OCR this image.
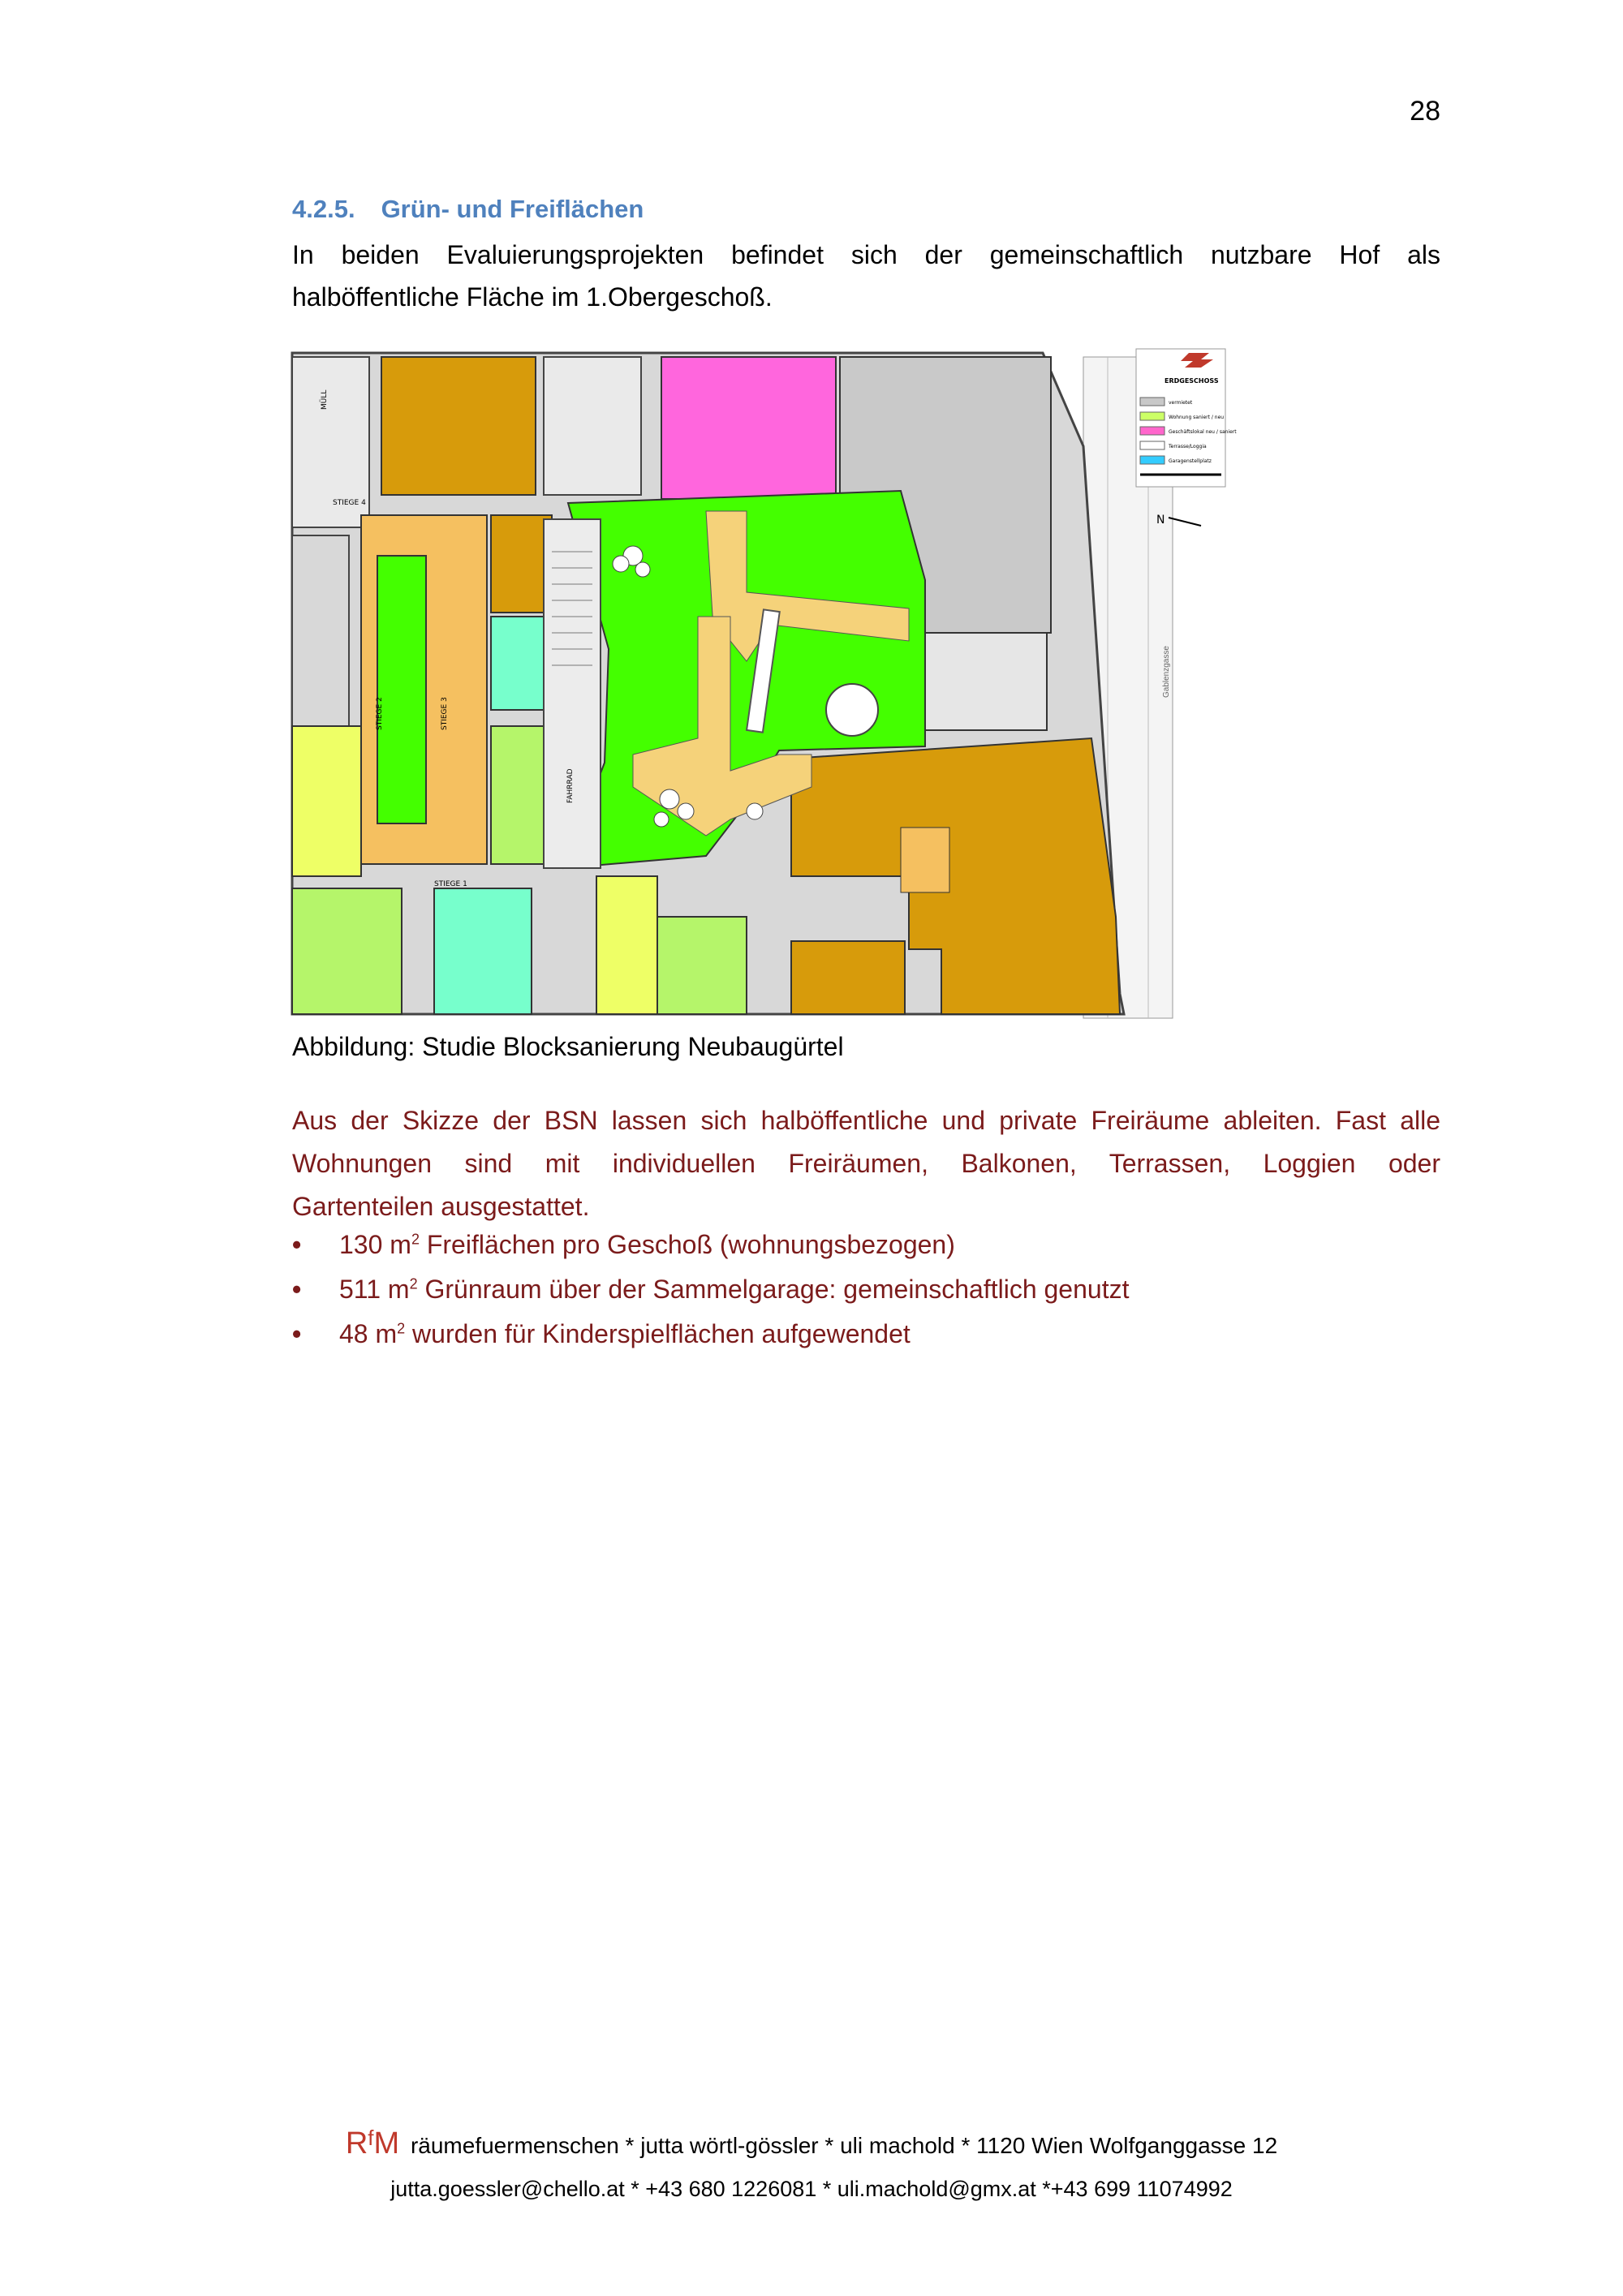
28
4.2.5. Grün- und Freiflächen
In beiden Evaluierungsprojekten befindet sich der gemeinschaftlich nutzbare Hof als
halböffentliche Fläche im 1.Obergeschoß.
Gablenzgasse
STIEGE 4
STIEGE 1
STIEGE 2	STIEGE 3
MÜLL
FAHRRAD
ERDGESCHOSS
vermietet
Wohnung saniert / neu
Geschäftslokal neu / saniert
Terrasse/Loggia
Garagenstellplatz
N
Abbildung: Studie Blocksanierung Neubaugürtel
Aus der Skizze der BSN lassen sich halböffentliche und private Freiräume ableiten. Fast alle
Wohnungen sind mit individuellen Freiräumen, Balkonen, Terrassen, Loggien oder
Gartenteilen ausgestattet.
• 130 $m^2$ Freiflächen pro Geschoß (wohnungsbezogen)
• 511 $m^2$ Grünraum über der Sammelgarage: gemeinschaftlich genutzt
• 48 $m^2$ wurden für Kinderspielflächen aufgewendet
$R^fM$ räumefuermenschen * jutta wörtl-gössler * uli machold * 1120 Wien Wolfganggasse 12
jutta.goessler@chello.at * +43 680 1226081 * uli.machold@gmx.at *+43 699 11074992
